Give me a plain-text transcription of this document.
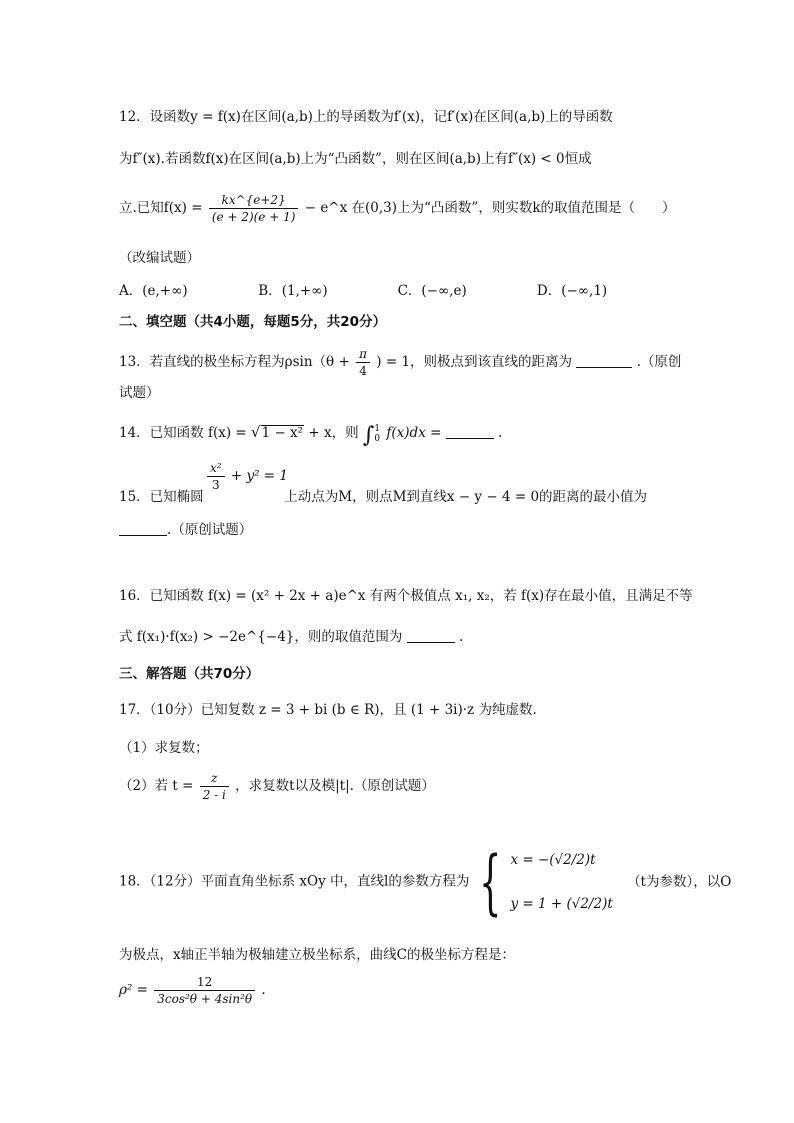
12．设函数y = f(x)在区间(a,b)上的导函数为f′(x)，记f′(x)在区间(a,b)上的导函数
为f″(x).若函数f(x)在区间(a,b)上为“凸函数”，则在区间(a,b)上有f″(x) < 0恒成
立.已知$f(x) = \frac{kx\^{}\{e+2\}}{(e + 2)(e + 1)}$ − e^x 在(0,3)上为“凸函数”，则实数k的取值范围是（　　）
（改编试题）
A．(e,+∞)	B．(1,+∞)	C．(−∞,e)	D．(−∞,1)
二、填空题（共4小题，每题5分，共20分）
13．若直线的极坐标方程为$\rho\sin(\theta + \frac{\pi}{4}$ ) = 1，则极点到该直线的距离为	.（原创
试题）
14．已知函数 f(x) = √1 − x² + x，则 ∫ 1
0 f(x)dx =	.
$\frac{\text{x²}}{3} + y^2 = 1$
15．已知椭圆	上动点为M，则点M到直线x − y − 4 = 0的距离的最小值为
.（原创试题）
16．已知函数 f(x) = (x² + 2x + a)e^x 有两个极值点 x₁, x₂，若 f(x)存在最小值，且满足不等
式 f(x₁)·f(x₂) > −2e^{−4}，则的取值范围为	.
三、解答题（共70分）
17．（10分）已知复数 z = 3 + bi (b ∈ R)，且 (1 + 3i)·z 为纯虚数.
（1）求复数；
（2）若 $t = \frac{z}{2 - i}$ ，求复数t以及模|t|.（原创试题）
18．（12分）平面直角坐标系 xOy 中，直线l的参数方程为 { x = −(√2/2)t
y = 1 + (√2/2)t
（t为参数），以O
为极点，x轴正半轴为极轴建立极坐标系，曲线C的极坐标方程是：
$\rho^2 = \frac{12}{\text{3cos²θ + 4sin²θ}}$ .
